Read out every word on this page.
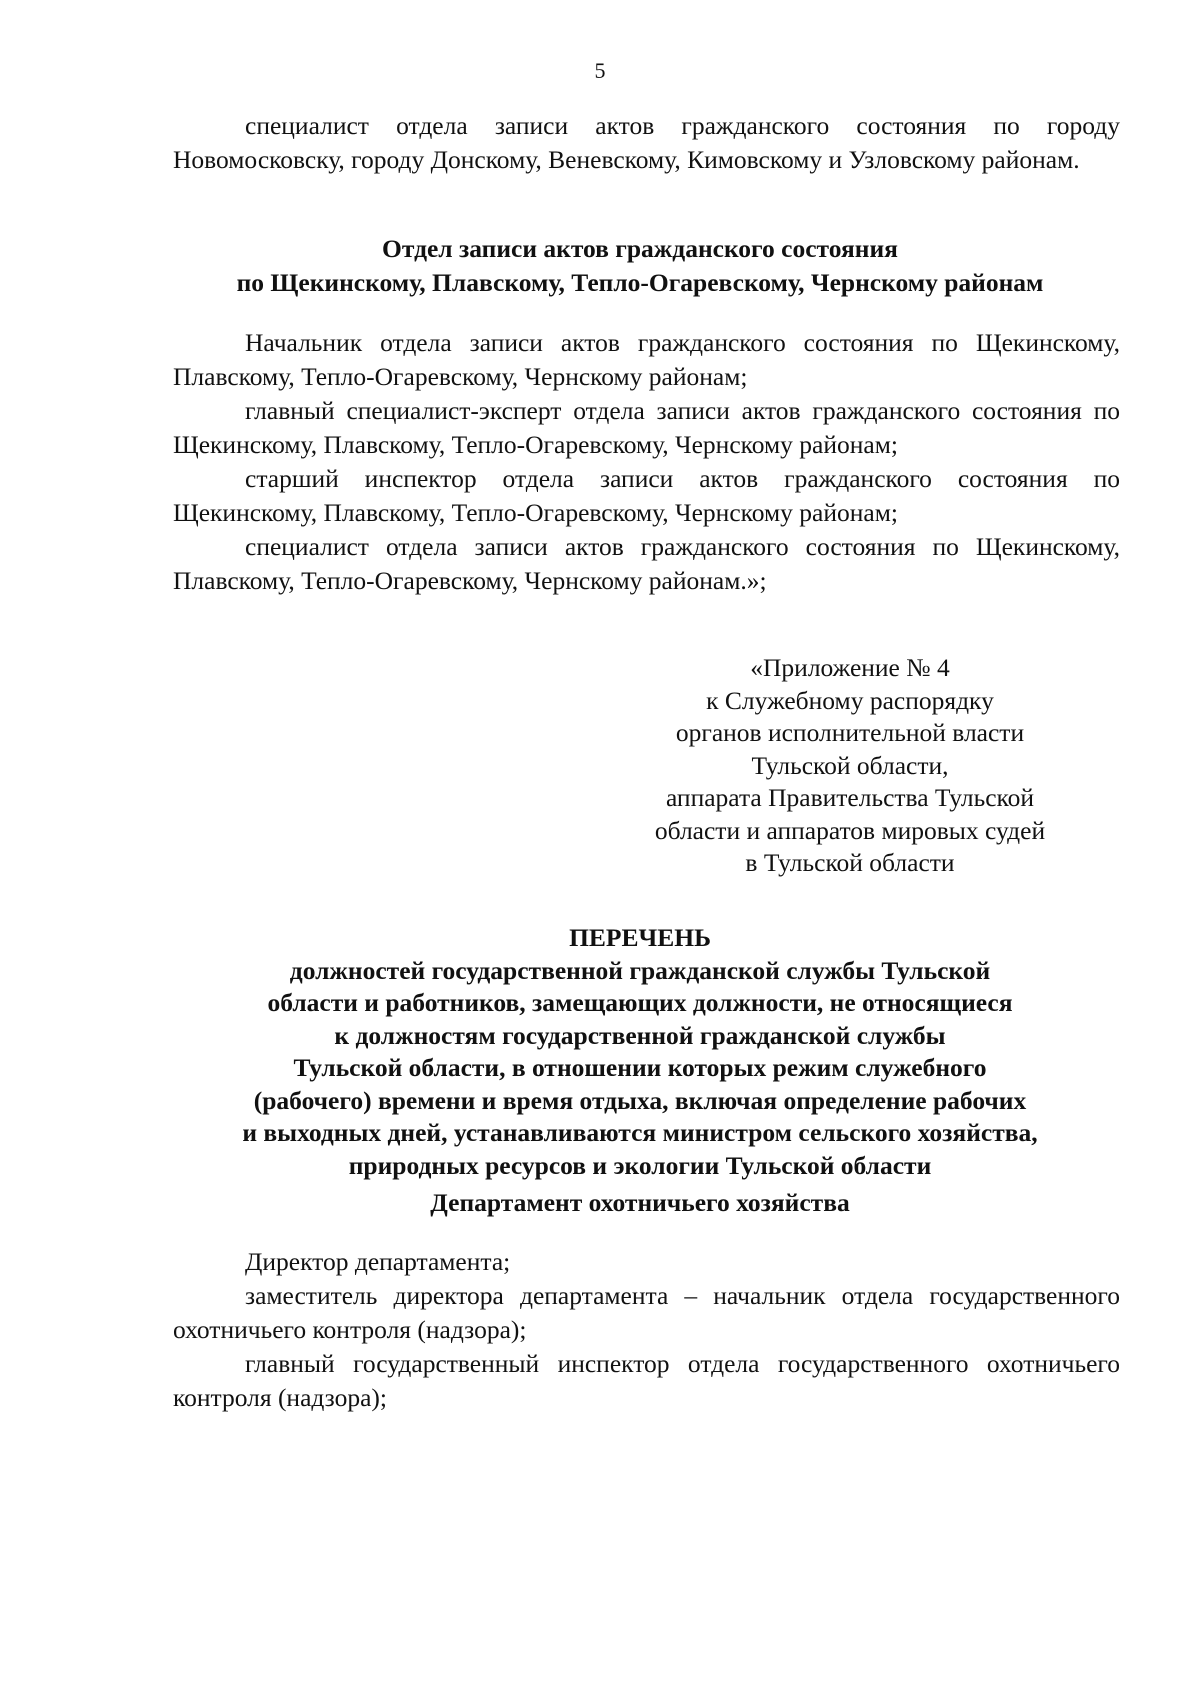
5

специалист отдела записи актов гражданского состояния по городу Новомосковску, городу Донскому, Веневскому, Кимовскому и Узловскому районам.

Отдел записи актов гражданского состояния
по Щекинскому, Плавскому, Тепло-Огаревскому, Чернскому районам

Начальник отдела записи актов гражданского состояния по Щекинскому, Плавскому, Тепло-Огаревскому, Чернскому районам;

главный специалист-эксперт отдела записи актов гражданского состояния по Щекинскому, Плавскому, Тепло-Огаревскому, Чернскому районам;

старший инспектор отдела записи актов гражданского состояния по Щекинскому, Плавскому, Тепло-Огаревскому, Чернскому районам;

специалист отдела записи актов гражданского состояния по Щекинскому, Плавскому, Тепло-Огаревскому, Чернскому районам.»;

«Приложение № 4
к Служебному распорядку
органов исполнительной власти
Тульской области,
аппарата Правительства Тульской
области и аппаратов мировых судей
в Тульской области

ПЕРЕЧЕНЬ
должностей государственной гражданской службы Тульской
области и работников, замещающих должности, не относящиеся
к должностям государственной гражданской службы
Тульской области, в отношении которых режим служебного
(рабочего) времени и время отдыха, включая определение рабочих
и выходных дней, устанавливаются министром сельского хозяйства,
природных ресурсов и экологии Тульской области

Департамент охотничьего хозяйства

Директор департамента;

заместитель директора департамента – начальник отдела государственного охотничьего контроля (надзора);

главный государственный инспектор отдела государственного охотничьего контроля (надзора);
